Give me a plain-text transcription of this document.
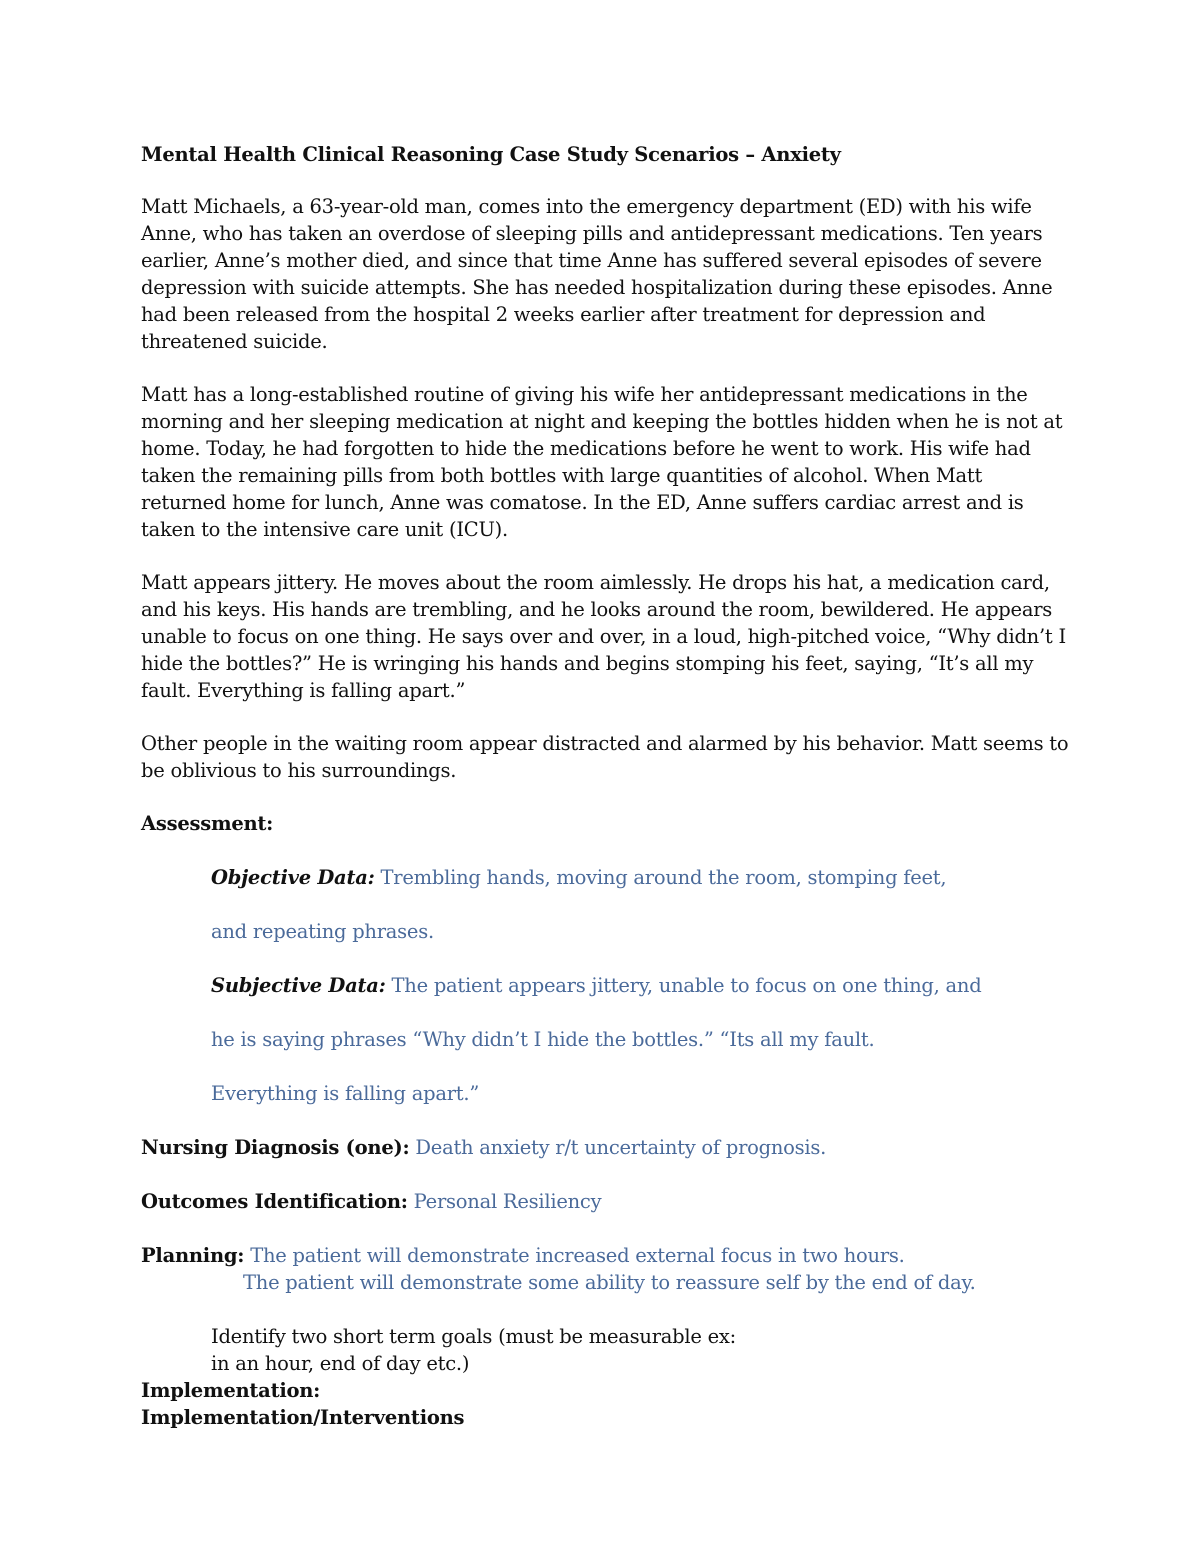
Mental Health Clinical Reasoning Case Study Scenarios – Anxiety

Matt Michaels, a 63-year-old man, comes into the emergency department (ED) with his wife Anne, who has taken an overdose of sleeping pills and antidepressant medications. Ten years earlier, Anne’s mother died, and since that time Anne has suffered several episodes of severe depression with suicide attempts. She has needed hospitalization during these episodes. Anne had been released from the hospital 2 weeks earlier after treatment for depression and threatened suicide.

Matt has a long-established routine of giving his wife her antidepressant medications in the morning and her sleeping medication at night and keeping the bottles hidden when he is not at home. Today, he had forgotten to hide the medications before he went to work. His wife had taken the remaining pills from both bottles with large quantities of alcohol. When Matt returned home for lunch, Anne was comatose. In the ED, Anne suffers cardiac arrest and is taken to the intensive care unit (ICU).

Matt appears jittery. He moves about the room aimlessly. He drops his hat, a medication card, and his keys. His hands are trembling, and he looks around the room, bewildered. He appears unable to focus on one thing. He says over and over, in a loud, high-pitched voice, “Why didn’t I hide the bottles?” He is wringing his hands and begins stomping his feet, saying, “It’s all my fault. Everything is falling apart.”

Other people in the waiting room appear distracted and alarmed by his behavior. Matt seems to be oblivious to his surroundings.

Assessment:

Objective Data: Trembling hands, moving around the room, stomping feet,

and repeating phrases.

Subjective Data: The patient appears jittery, unable to focus on one thing, and

he is saying phrases “Why didn’t I hide the bottles.” “Its all my fault.

Everything is falling apart.”

Nursing Diagnosis (one): Death anxiety r/t uncertainty of prognosis.

Outcomes Identification: Personal Resiliency

Planning: The patient will demonstrate increased external focus in two hours.

The patient will demonstrate some ability to reassure self by the end of day.

Identify two short term goals (must be measurable ex:

in an hour, end of day etc.)

Implementation:

Implementation/Interventions
